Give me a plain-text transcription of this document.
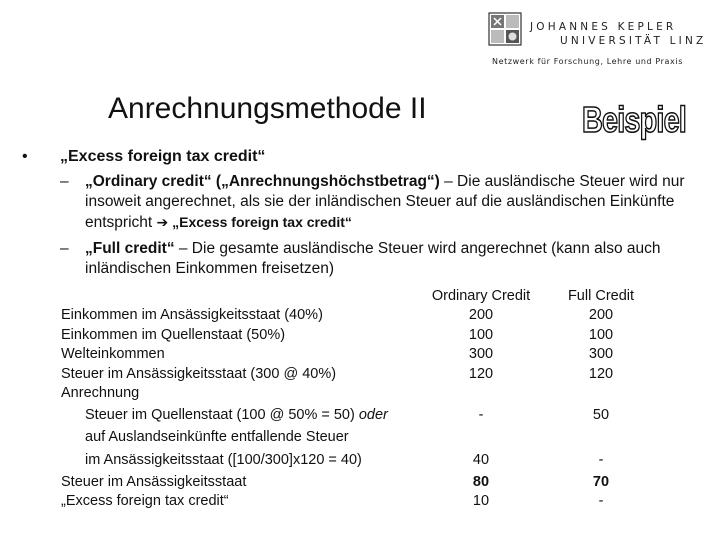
JOHANNES KEPLER
UNIVERSITÄT LINZ
Netzwerk für Forschung, Lehre und Praxis
Anrechnungsmethode II	Beispiel
• „Excess foreign tax credit“
– „Ordinary credit“ („Anrechnungshöchstbetrag“) – Die ausländische Steuer wird nur insoweit angerechnet, als sie der inländischen Steuer auf die ausländischen Einkünfte entspricht ➔ „Excess foreign tax credit“
– „Full credit“ – Die gesamte ausländische Steuer wird angerechnet (kann also auch inländischen Einkommen freisetzen)
Ordinary Credit	Full Credit
Einkommen im Ansässigkeitsstaat (40%)	200	200
Einkommen im Quellenstaat (50%)	100	100
Welteinkommen	300	300
Steuer im Ansässigkeitsstaat (300 @ 40%)	120	120
Anrechnung
Steuer im Quellenstaat (100 @ 50% = 50) oder	-	50
auf Auslandseinkünfte entfallende Steuer
im Ansässigkeitsstaat ([100/300]x120 = 40)	40	-
Steuer im Ansässigkeitsstaat	80	70
„Excess foreign tax credit“	10	-
